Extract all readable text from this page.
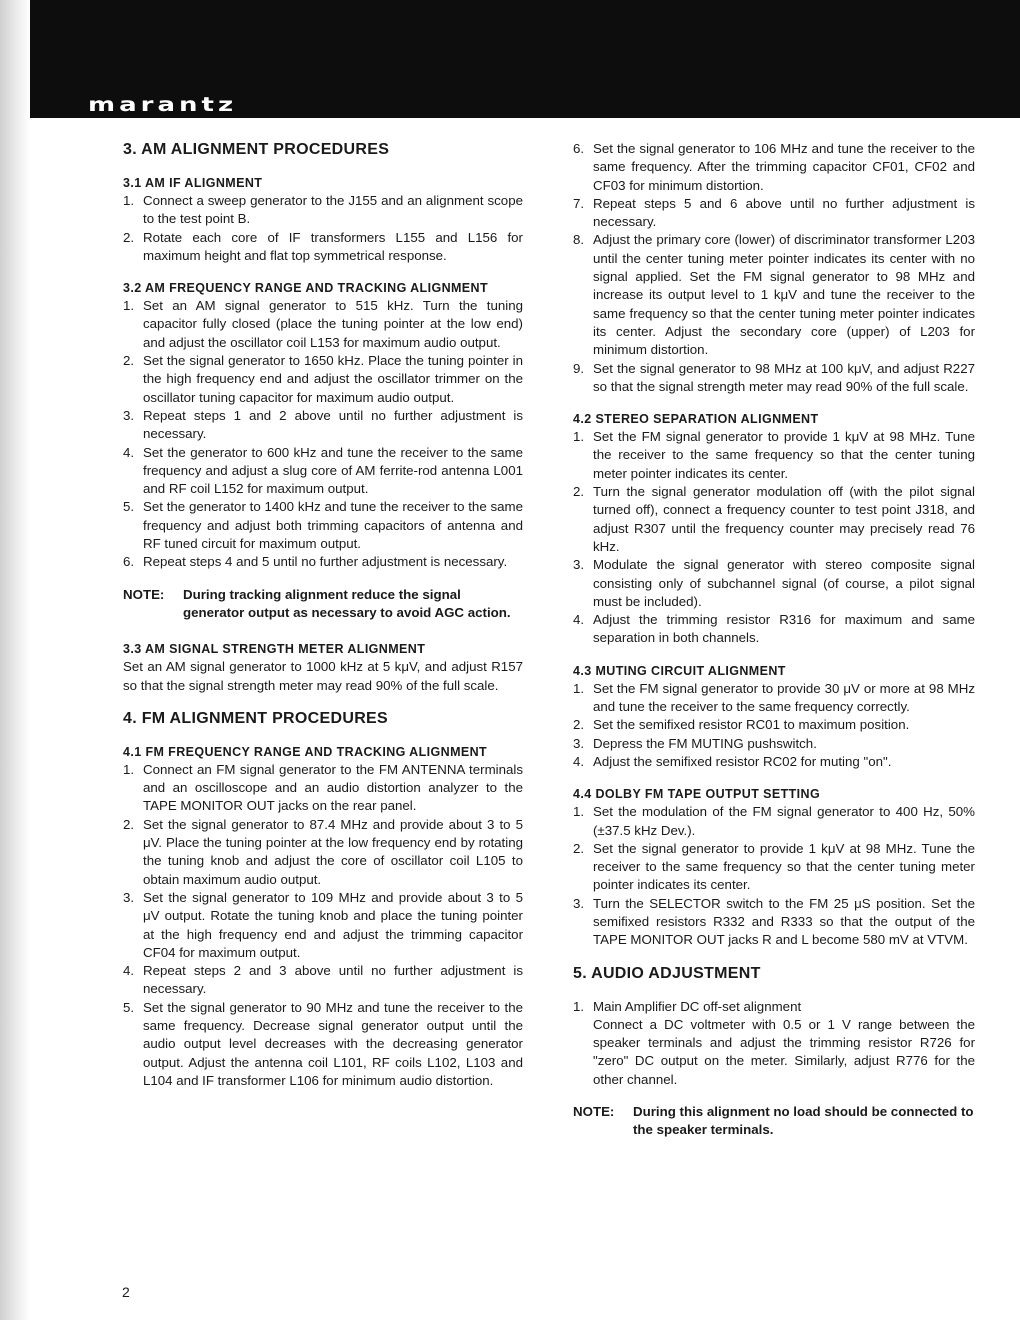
marantz
3. AM ALIGNMENT PROCEDURES
3.1 AM IF ALIGNMENT
1. Connect a sweep generator to the J155 and an alignment scope to the test point B.
2. Rotate each core of IF transformers L155 and L156 for maximum height and flat top symmetrical response.
3.2 AM FREQUENCY RANGE AND TRACKING ALIGNMENT
1. Set an AM signal generator to 515 kHz. Turn the tuning capacitor fully closed (place the tuning pointer at the low end) and adjust the oscillator coil L153 for maximum audio output.
2. Set the signal generator to 1650 kHz. Place the tuning pointer in the high frequency end and adjust the oscillator trimmer on the oscillator tuning capacitor for maximum audio output.
3. Repeat steps 1 and 2 above until no further adjustment is necessary.
4. Set the generator to 600 kHz and tune the receiver to the same frequency and adjust a slug core of AM ferrite-rod antenna L001 and RF coil L152 for maximum output.
5. Set the generator to 1400 kHz and tune the receiver to the same frequency and adjust both trimming capacitors of antenna and RF tuned circuit for maximum output.
6. Repeat steps 4 and 5 until no further adjustment is necessary.
NOTE:	During tracking alignment reduce the signal generator output as necessary to avoid AGC action.
3.3 AM SIGNAL STRENGTH METER ALIGNMENT

Set an AM signal generator to 1000 kHz at 5 kμV, and adjust R157 so that the signal strength meter may read 90% of the full scale.

4. FM ALIGNMENT PROCEDURES
4.1 FM FREQUENCY RANGE AND TRACKING ALIGNMENT
1. Connect an FM signal generator to the FM ANTENNA terminals and an oscilloscope and an audio distortion analyzer to the TAPE MONITOR OUT jacks on the rear panel.
2. Set the signal generator to 87.4 MHz and provide about 3 to 5 μV. Place the tuning pointer at the low frequency end by rotating the tuning knob and adjust the core of oscillator coil L105 to obtain maximum audio output.
3. Set the signal generator to 109 MHz and provide about 3 to 5 μV output. Rotate the tuning knob and place the tuning pointer at the high frequency end and adjust the trimming capacitor CF04 for maximum output.
4. Repeat steps 2 and 3 above until no further adjustment is necessary.
5. Set the signal generator to 90 MHz and tune the receiver to the same frequency. Decrease signal generator output until the audio output level decreases with the decreasing generator output. Adjust the antenna coil L101, RF coils L102, L103 and L104 and IF transformer L106 for minimum audio distortion.
6. Set the signal generator to 106 MHz and tune the receiver to the same frequency. After the trimming capacitor CF01, CF02 and CF03 for minimum distortion.
7. Repeat steps 5 and 6 above until no further adjustment is necessary.
8. Adjust the primary core (lower) of discriminator transformer L203 until the center tuning meter pointer indicates its center with no signal applied. Set the FM signal generator to 98 MHz and increase its output level to 1 kμV and tune the receiver to the same frequency so that the center tuning meter pointer indicates its center. Adjust the secondary core (upper) of L203 for minimum distortion.
9. Set the signal generator to 98 MHz at 100 kμV, and adjust R227 so that the signal strength meter may read 90% of the full scale.
4.2 STEREO SEPARATION ALIGNMENT
1. Set the FM signal generator to provide 1 kμV at 98 MHz. Tune the receiver to the same frequency so that the center tuning meter pointer indicates its center.
2. Turn the signal generator modulation off (with the pilot signal turned off), connect a frequency counter to test point J318, and adjust R307 until the frequency counter may precisely read 76 kHz.
3. Modulate the signal generator with stereo composite signal consisting only of subchannel signal (of course, a pilot signal must be included).
4. Adjust the trimming resistor R316 for maximum and same separation in both channels.
4.3 MUTING CIRCUIT ALIGNMENT
1. Set the FM signal generator to provide 30 μV or more at 98 MHz and tune the receiver to the same frequency correctly.
2. Set the semifixed resistor RC01 to maximum position.
3. Depress the FM MUTING pushswitch.
4. Adjust the semifixed resistor RC02 for muting "on".
4.4 DOLBY FM TAPE OUTPUT SETTING
1. Set the modulation of the FM signal generator to 400 Hz, 50% (±37.5 kHz Dev.).
2. Set the signal generator to provide 1 kμV at 98 MHz. Tune the receiver to the same frequency so that the center tuning meter pointer indicates its center.
3. Turn the SELECTOR switch to the FM 25 μS position. Set the semifixed resistors R332 and R333 so that the output of the TAPE MONITOR OUT jacks R and L become 580 mV at VTVM.
5. AUDIO ADJUSTMENT
1. Main Amplifier DC off-set alignment
Connect a DC voltmeter with 0.5 or 1 V range between the speaker terminals and adjust the trimming resistor R726 for "zero" DC output on the meter. Similarly, adjust R776 for the other channel.
NOTE:	During this alignment no load should be connected to the speaker terminals.
2
